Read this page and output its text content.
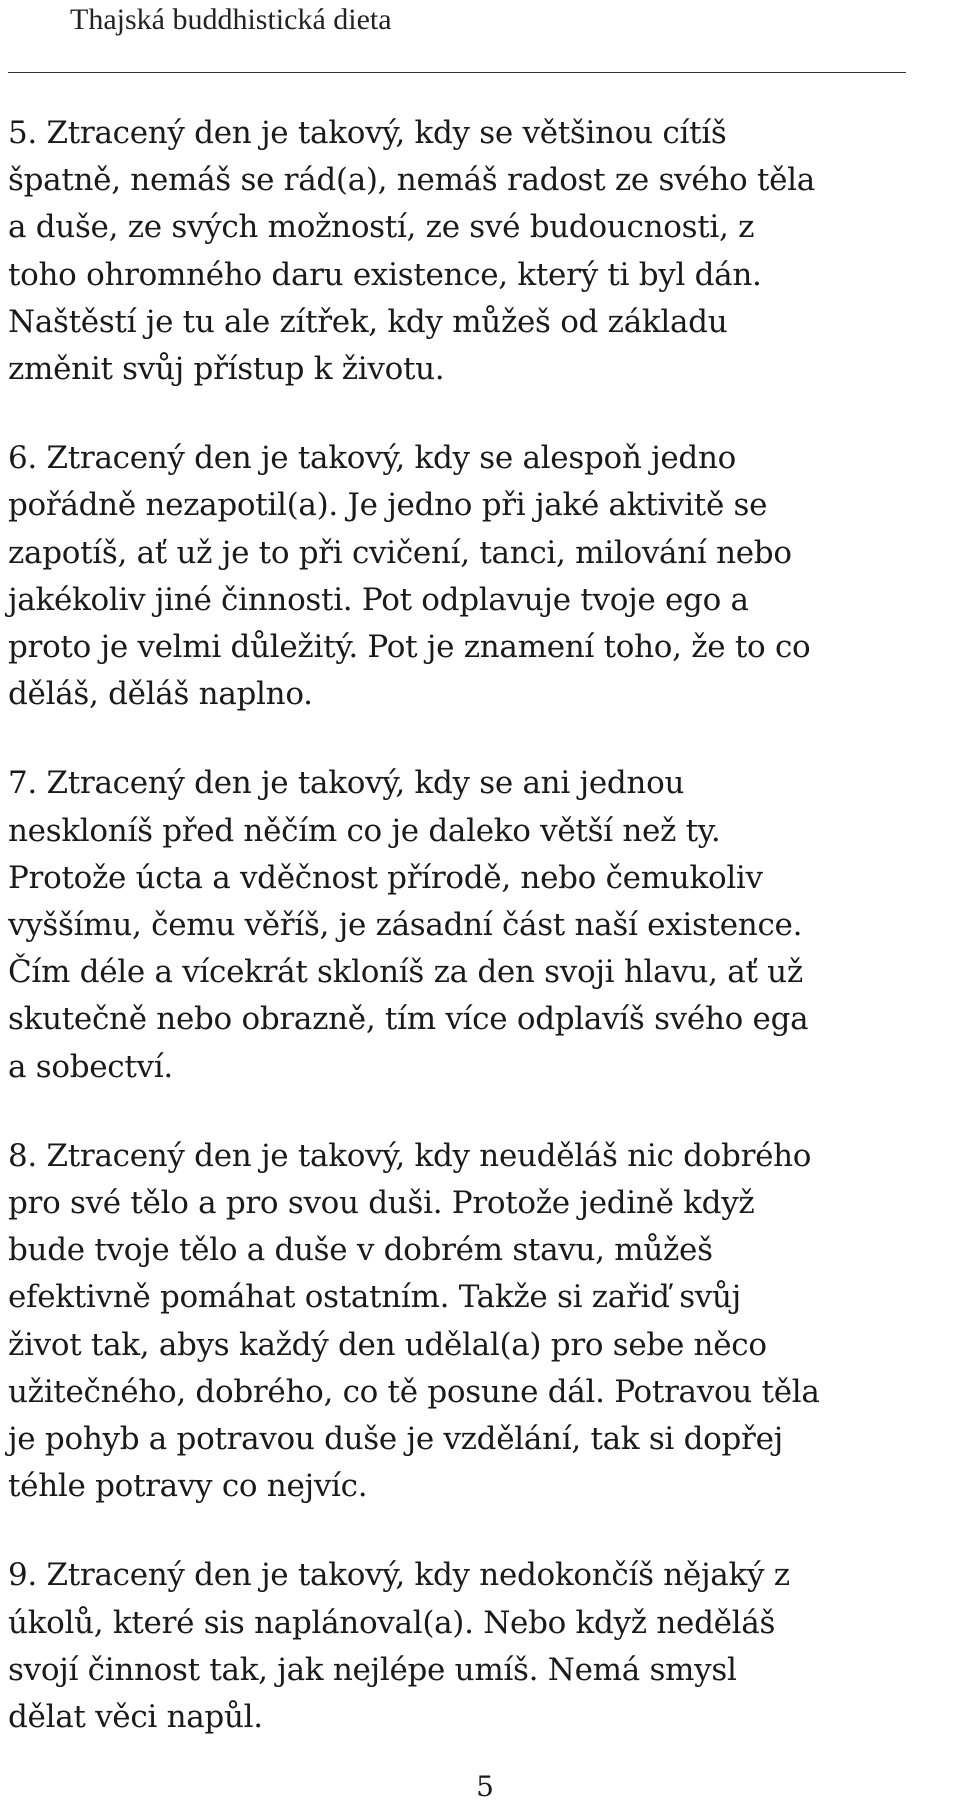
Thajská buddhistická dieta

5. Ztracený den je takový, kdy se většinou cítíš
špatně, nemáš se rád(a), nemáš radost ze svého těla
a duše, ze svých možností, ze své budoucnosti, z
toho ohromného daru existence, který ti byl dán.
Naštěstí je tu ale zítřek, kdy můžeš od základu
změnit svůj přístup k životu.

6. Ztracený den je takový, kdy se alespoň jedno
pořádně nezapotil(a). Je jedno při jaké aktivitě se
zapotíš, ať už je to při cvičení, tanci, milování nebo
jakékoliv jiné činnosti. Pot odplavuje tvoje ego a
proto je velmi důležitý. Pot je znamení toho, že to co
děláš, děláš naplno.

7. Ztracený den je takový, kdy se ani jednou
neskloníš před něčím co je daleko větší než ty.
Protože úcta a vděčnost přírodě, nebo čemukoliv
vyššímu, čemu věříš, je zásadní část naší existence.
Čím déle a vícekrát skloníš za den svoji hlavu, ať už
skutečně nebo obrazně, tím více odplavíš svého ega
a sobectví.

8. Ztracený den je takový, kdy neuděláš nic dobrého
pro své tělo a pro svou duši. Protože jedině když
bude tvoje tělo a duše v dobrém stavu, můžeš
efektivně pomáhat ostatním. Takže si zařiď svůj
život tak, abys každý den udělal(a) pro sebe něco
užitečného, dobrého, co tě posune dál. Potravou těla
je pohyb a potravou duše je vzdělání, tak si dopřej
téhle potravy co nejvíc.

9. Ztracený den je takový, kdy nedokončíš nějaký z
úkolů, které sis naplánoval(a). Nebo když neděláš
svojí činnost tak, jak nejlépe umíš. Nemá smysl
dělat věci napůl.

5
